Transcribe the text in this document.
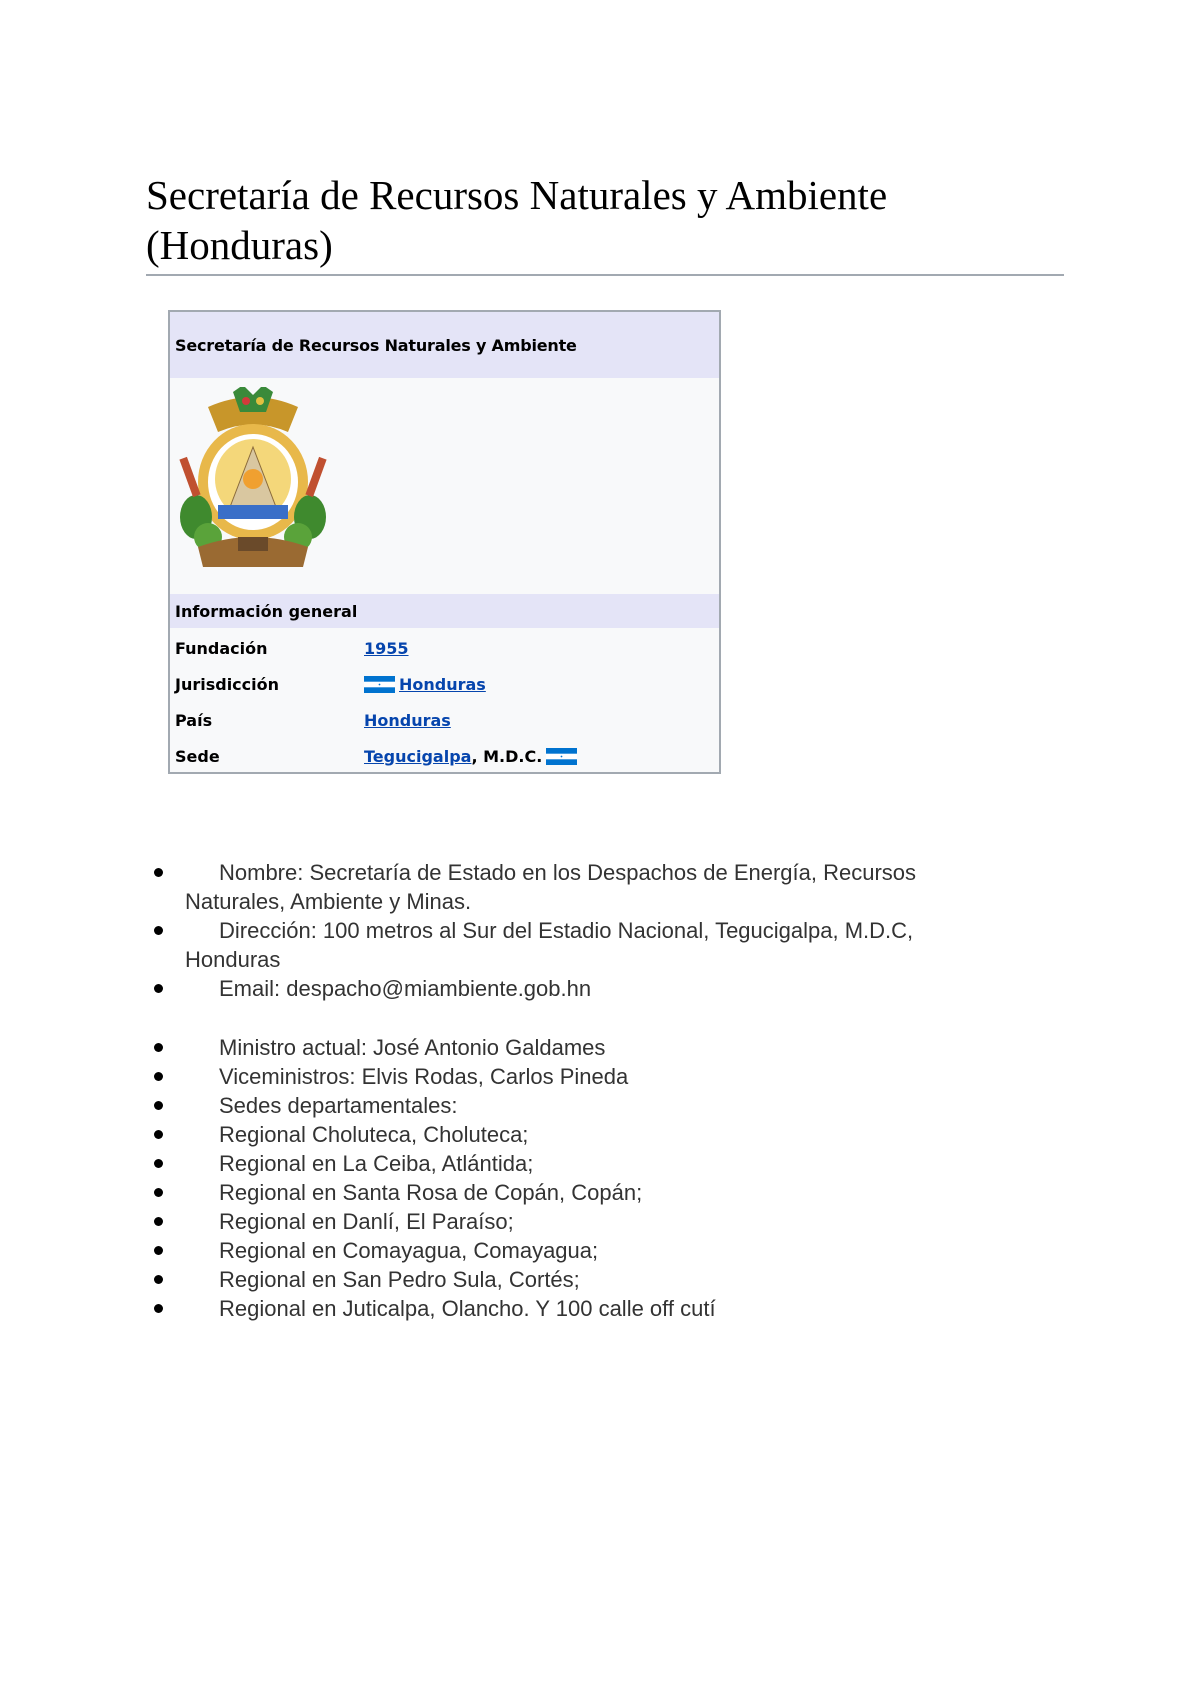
Secretaría de Recursos Naturales y Ambiente (Honduras)
Secretaría de Recursos Naturales y Ambiente
Información general
Fundación	1955
Jurisdicción	Honduras
País	Honduras
Sede	Tegucigalpa , M.D.C.
Nombre: Secretaría de Estado en los Despachos de Energía, Recursos Naturales, Ambiente y Minas.
Dirección: 100 metros al Sur del Estadio Nacional, Tegucigalpa, M.D.C, Honduras
Email: despacho@miambiente.gob.hn
Ministro actual: José Antonio Galdames
Viceministros: Elvis Rodas, Carlos Pineda
Sedes departamentales:
Regional Choluteca, Choluteca;
Regional en La Ceiba, Atlántida;
Regional en Santa Rosa de Copán, Copán;
Regional en Danlí, El Paraíso;
Regional en Comayagua, Comayagua;
Regional en San Pedro Sula, Cortés;
Regional en Juticalpa, Olancho. Y 100 calle off cutí
